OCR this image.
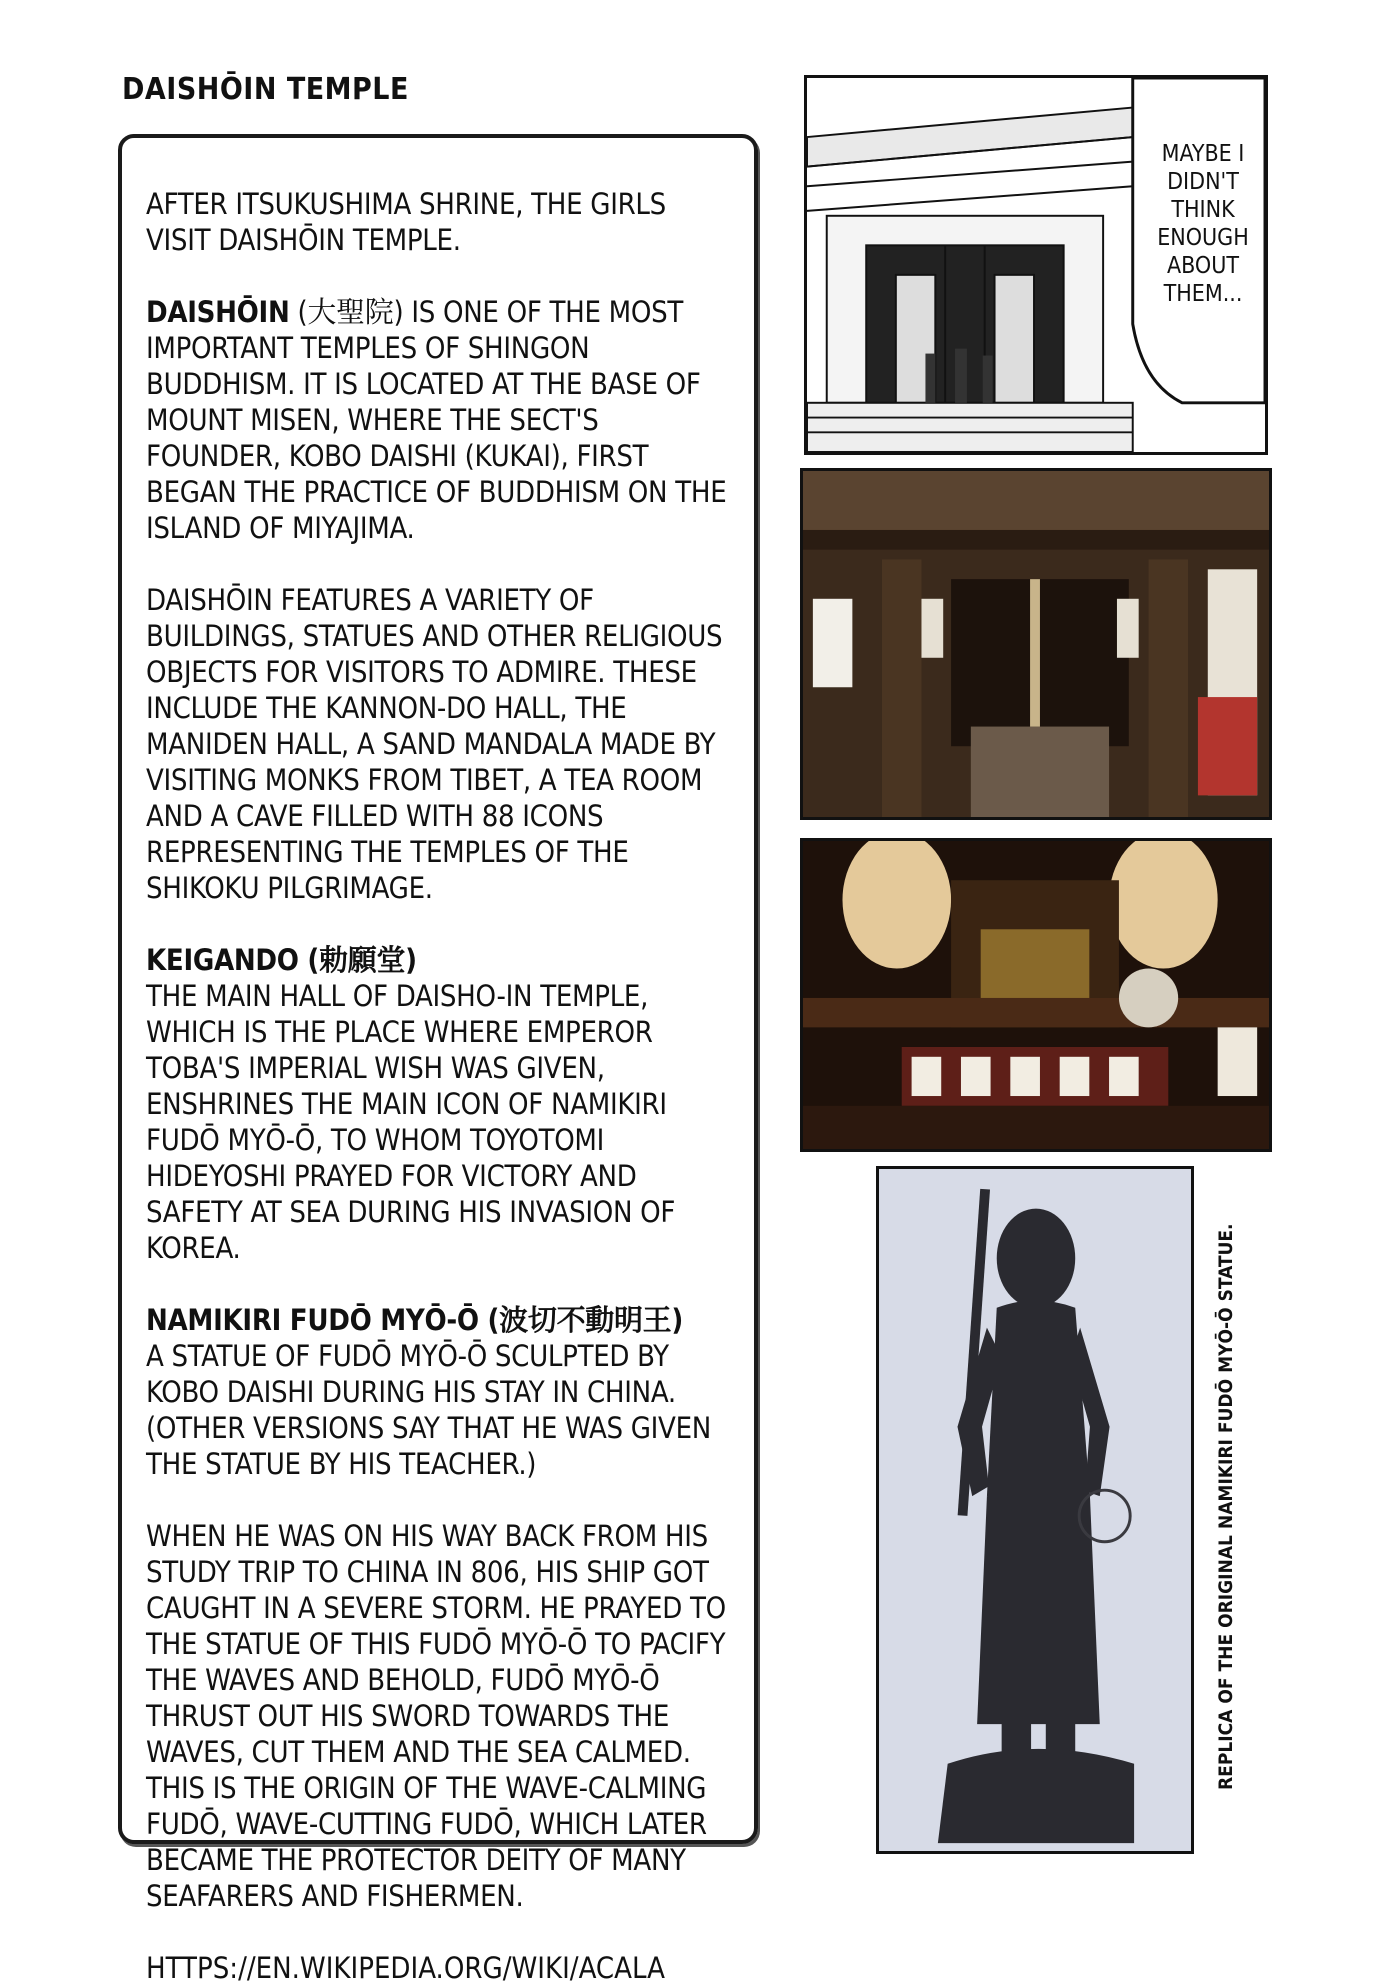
DAISHŌIN TEMPLE

AFTER ITSUKUSHIMA SHRINE, THE GIRLS VISIT DAISHŌIN TEMPLE.

DAISHŌIN (大聖院) IS ONE OF THE MOST IMPORTANT TEMPLES OF SHINGON BUDDHISM. IT IS LOCATED AT THE BASE OF MOUNT MISEN, WHERE THE SECT'S FOUNDER, KOBO DAISHI (KUKAI), FIRST BEGAN THE PRACTICE OF BUDDHISM ON THE ISLAND OF MIYAJIMA.

DAISHŌIN FEATURES A VARIETY OF BUILDINGS, STATUES AND OTHER RELIGIOUS OBJECTS FOR VISITORS TO ADMIRE. THESE INCLUDE THE KANNON-DO HALL, THE MANIDEN HALL, A SAND MANDALA MADE BY VISITING MONKS FROM TIBET, A TEA ROOM AND A CAVE FILLED WITH 88 ICONS REPRESENTING THE TEMPLES OF THE SHIKOKU PILGRIMAGE.

KEIGANDO (勅願堂)
THE MAIN HALL OF DAISHO-IN TEMPLE, WHICH IS THE PLACE WHERE EMPEROR TOBA'S IMPERIAL WISH WAS GIVEN, ENSHRINES THE MAIN ICON OF NAMIKIRI FUDŌ MYŌ-Ō, TO WHOM TOYOTOMI HIDEYOSHI PRAYED FOR VICTORY AND SAFETY AT SEA DURING HIS INVASION OF KOREA.

NAMIKIRI FUDŌ MYŌ-Ō (波切不動明王)
A STATUE OF FUDŌ MYŌ-Ō SCULPTED BY KOBO DAISHI DURING HIS STAY IN CHINA. (OTHER VERSIONS SAY THAT HE WAS GIVEN THE STATUE BY HIS TEACHER.)

WHEN HE WAS ON HIS WAY BACK FROM HIS STUDY TRIP TO CHINA IN 806, HIS SHIP GOT CAUGHT IN A SEVERE STORM. HE PRAYED TO THE STATUE OF THIS FUDŌ MYŌ-Ō TO PACIFY THE WAVES AND BEHOLD, FUDŌ MYŌ-Ō THRUST OUT HIS SWORD TOWARDS THE WAVES, CUT THEM AND THE SEA CALMED. THIS IS THE ORIGIN OF THE WAVE-CALMING FUDŌ, WAVE-CUTTING FUDŌ, WHICH LATER BECAME THE PROTECTOR DEITY OF MANY SEAFARERS AND FISHERMEN.

HTTPS://EN.WIKIPEDIA.ORG/WIKI/ACALA
MAYBE I DIDN'T THINK ENOUGH ABOUT THEM...
REPLICA OF THE ORIGINAL NAMIKIRI FUDŌ MYŌ-Ō STATUE.
